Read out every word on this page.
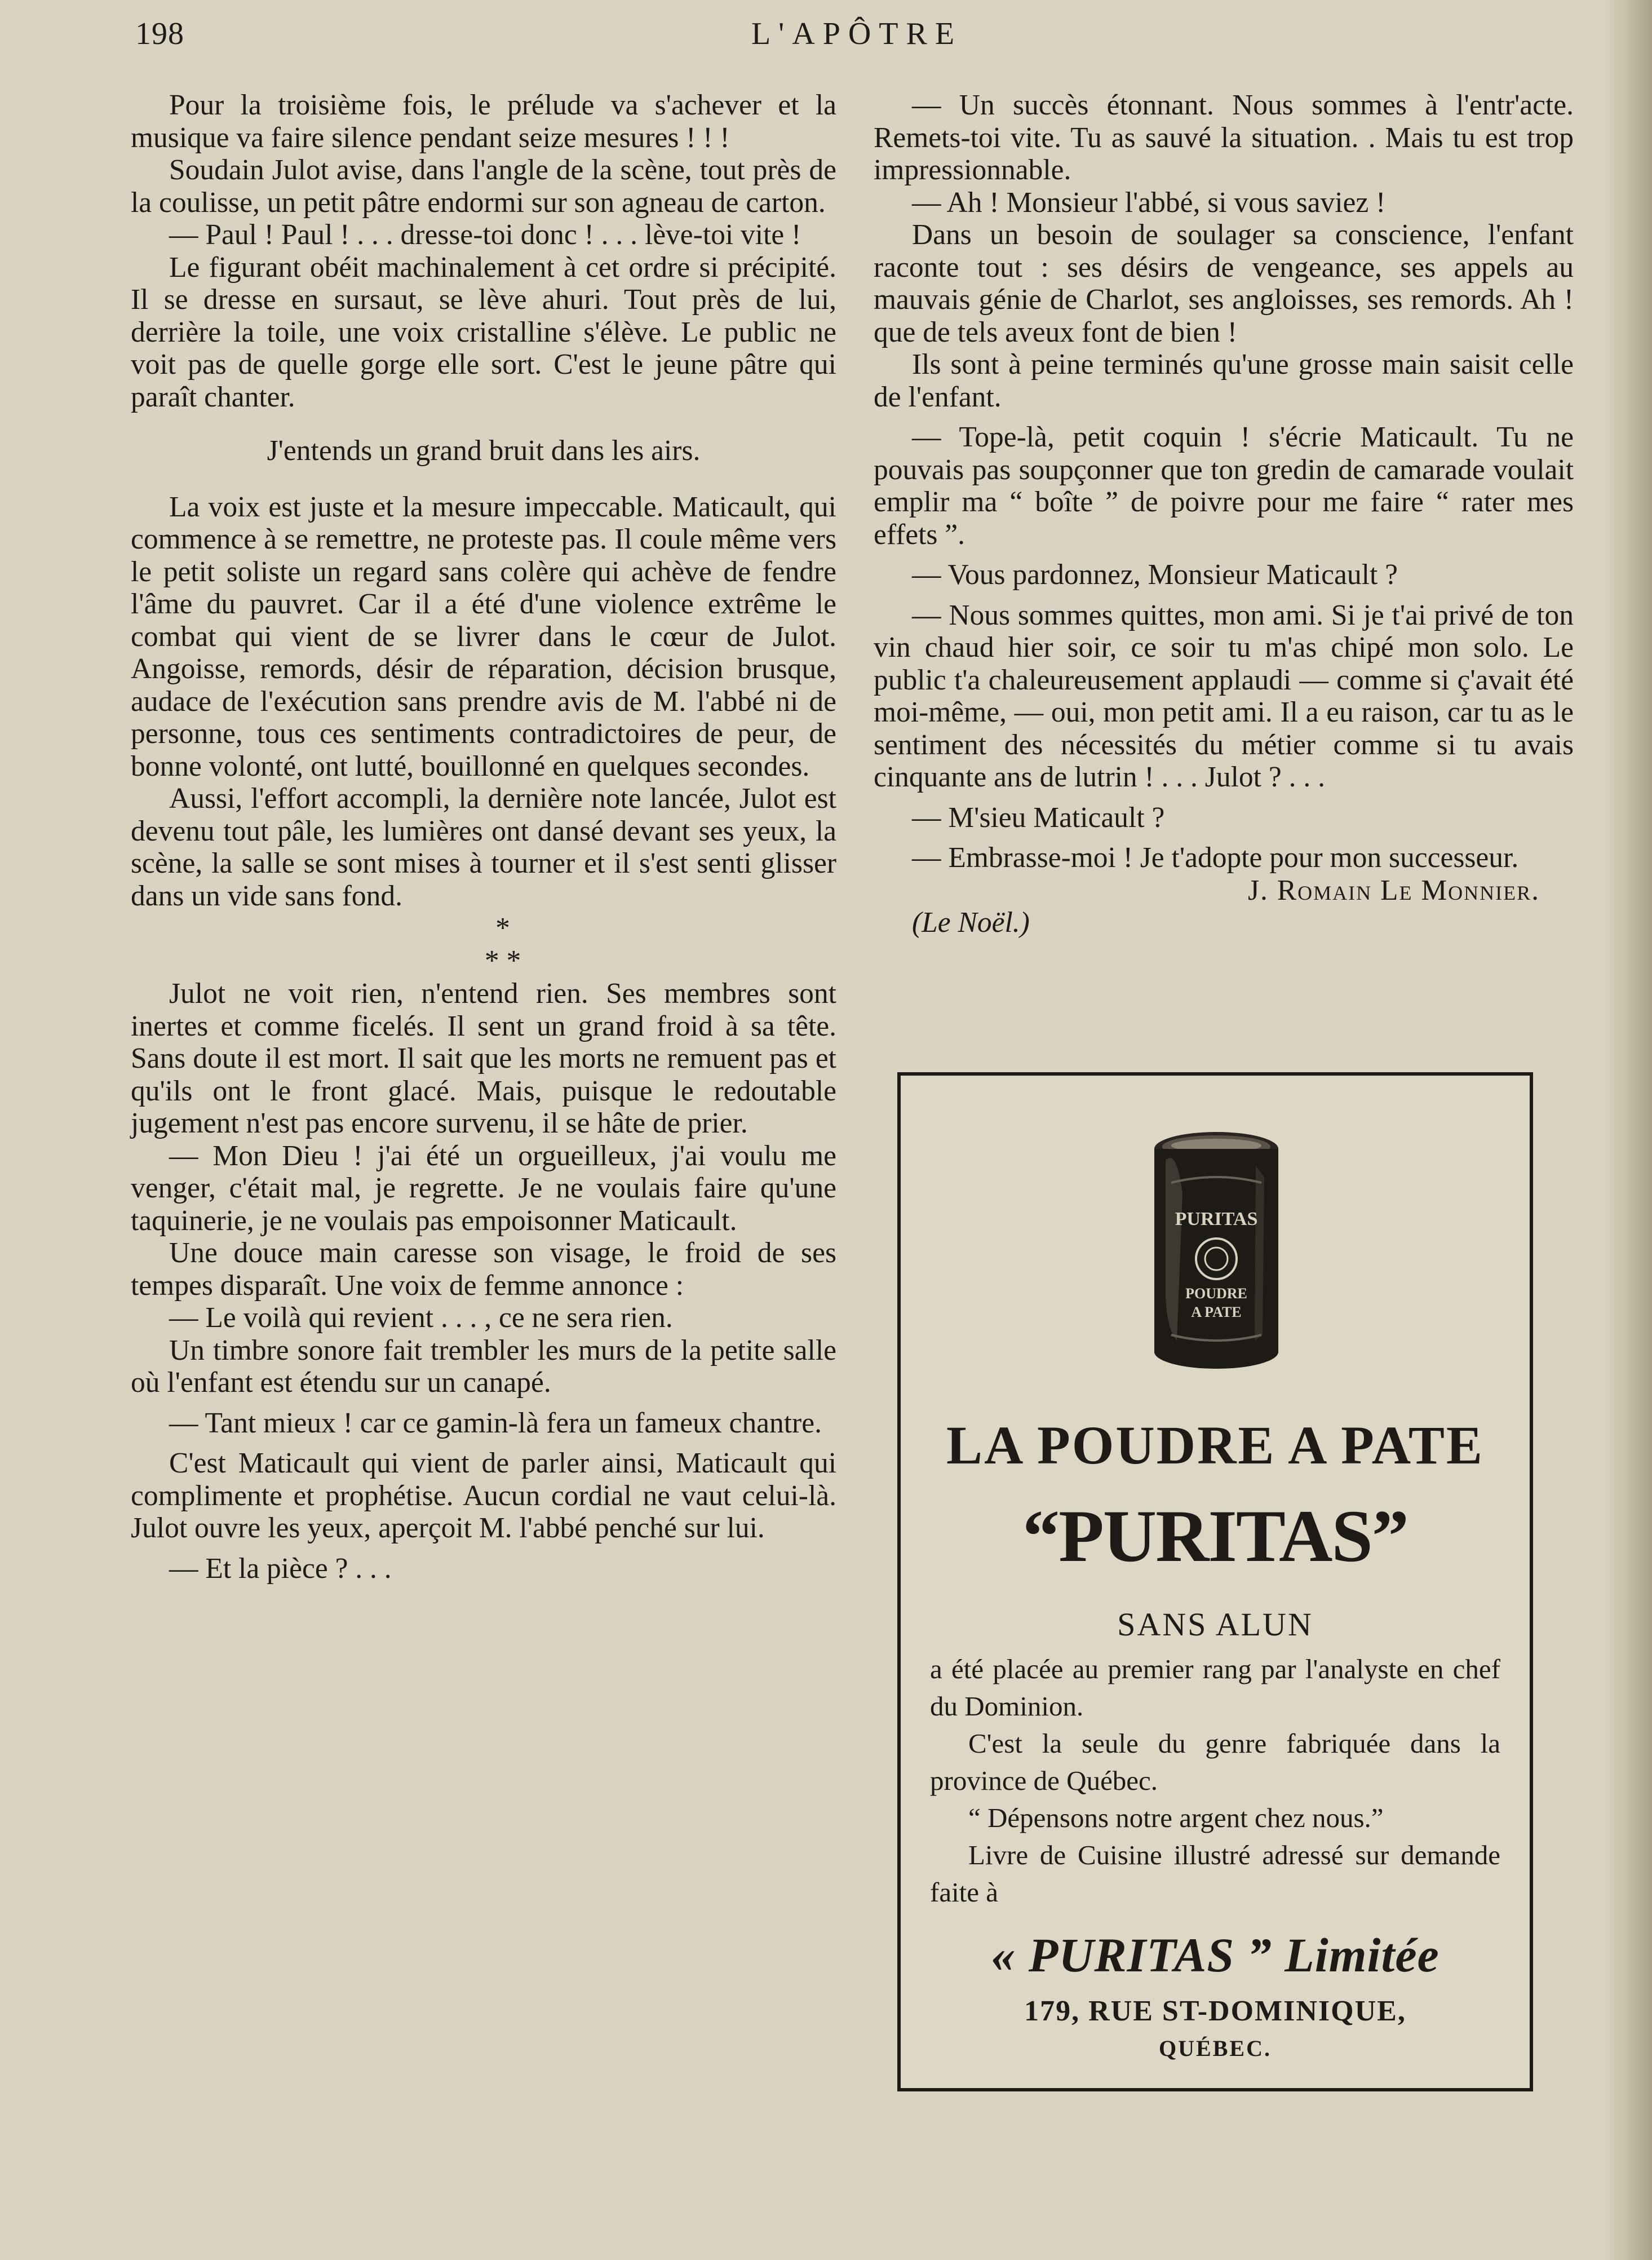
198	L'APÔTRE

Pour la troisième fois, le prélude va s'achever et la musique va faire silence pendant seize mesures ! ! !

Soudain Julot avise, dans l'angle de la scène, tout près de la coulisse, un petit pâtre endormi sur son agneau de carton.

— Paul ! Paul ! . . . dresse-toi donc ! . . . lève-toi vite !

Le figurant obéit machinalement à cet ordre si précipité. Il se dresse en sursaut, se lève ahuri. Tout près de lui, derrière la toile, une voix cristalline s'élève. Le public ne voit pas de quelle gorge elle sort. C'est le jeune pâtre qui paraît chanter.

J'entends un grand bruit dans les airs.

La voix est juste et la mesure impeccable. Maticault, qui commence à se remettre, ne proteste pas. Il coule même vers le petit soliste un regard sans colère qui achève de fendre l'âme du pauvret. Car il a été d'une violence extrême le combat qui vient de se livrer dans le cœur de Julot. Angoisse, remords, désir de réparation, décision brusque, audace de l'exécution sans prendre avis de M. l'abbé ni de personne, tous ces sentiments contradictoires de peur, de bonne volonté, ont lutté, bouillonné en quelques secondes.

Aussi, l'effort accompli, la dernière note lancée, Julot est devenu tout pâle, les lumières ont dansé devant ses yeux, la scène, la salle se sont mises à tourner et il s'est senti glisser dans un vide sans fond.

*

* *

Julot ne voit rien, n'entend rien. Ses membres sont inertes et comme ficelés. Il sent un grand froid à sa tête. Sans doute il est mort. Il sait que les morts ne remuent pas et qu'ils ont le front glacé. Mais, puisque le redoutable jugement n'est pas encore survenu, il se hâte de prier.

— Mon Dieu ! j'ai été un orgueilleux, j'ai voulu me venger, c'était mal, je regrette. Je ne voulais faire qu'une taquinerie, je ne voulais pas empoisonner Maticault.

Une douce main caresse son visage, le froid de ses tempes disparaît. Une voix de femme annonce :

— Le voilà qui revient . . . , ce ne sera rien.

Un timbre sonore fait trembler les murs de la petite salle où l'enfant est étendu sur un canapé.

— Tant mieux ! car ce gamin-là fera un fameux chantre.

C'est Maticault qui vient de parler ainsi, Maticault qui complimente et prophétise. Aucun cordial ne vaut celui-là. Julot ouvre les yeux, aperçoit M. l'abbé penché sur lui.

— Et la pièce ? . . .

— Un succès étonnant. Nous sommes à l'entr'acte. Remets-toi vite. Tu as sauvé la situation. . Mais tu est trop impressionnable.

— Ah ! Monsieur l'abbé, si vous saviez !

Dans un besoin de soulager sa conscience, l'enfant raconte tout : ses désirs de vengeance, ses appels au mauvais génie de Charlot, ses angloisses, ses remords. Ah ! que de tels aveux font de bien !

Ils sont à peine terminés qu'une grosse main saisit celle de l'enfant.

— Tope-là, petit coquin ! s'écrie Maticault. Tu ne pouvais pas soupçonner que ton gredin de camarade voulait emplir ma “ boîte ” de poivre pour me faire “ rater mes effets ”.

— Vous pardonnez, Monsieur Maticault ?

— Nous sommes quittes, mon ami. Si je t'ai privé de ton vin chaud hier soir, ce soir tu m'as chipé mon solo. Le public t'a chaleureusement applaudi — comme si ç'avait été moi-même, — oui, mon petit ami. Il a eu raison, car tu as le sentiment des nécessités du métier comme si tu avais cinquante ans de lutrin ! . . . Julot ? . . .

— M'sieu Maticault ?

— Embrasse-moi ! Je t'adopte pour mon successeur.

J. Romain Le Monnier.

(Le Noël.)

PURITAS
POUDRE
A PATE
LA POUDRE A PATE
“PURITAS”
SANS ALUN

a été placée au premier rang par l'analyste en chef du Dominion.

C'est la seule du genre fabriquée dans la province de Québec.

“ Dépensons notre argent chez nous.”

Livre de Cuisine illustré adressé sur demande faite à

« PURITAS ” Limitée
179, RUE ST-DOMINIQUE,
QUÉBEC.
